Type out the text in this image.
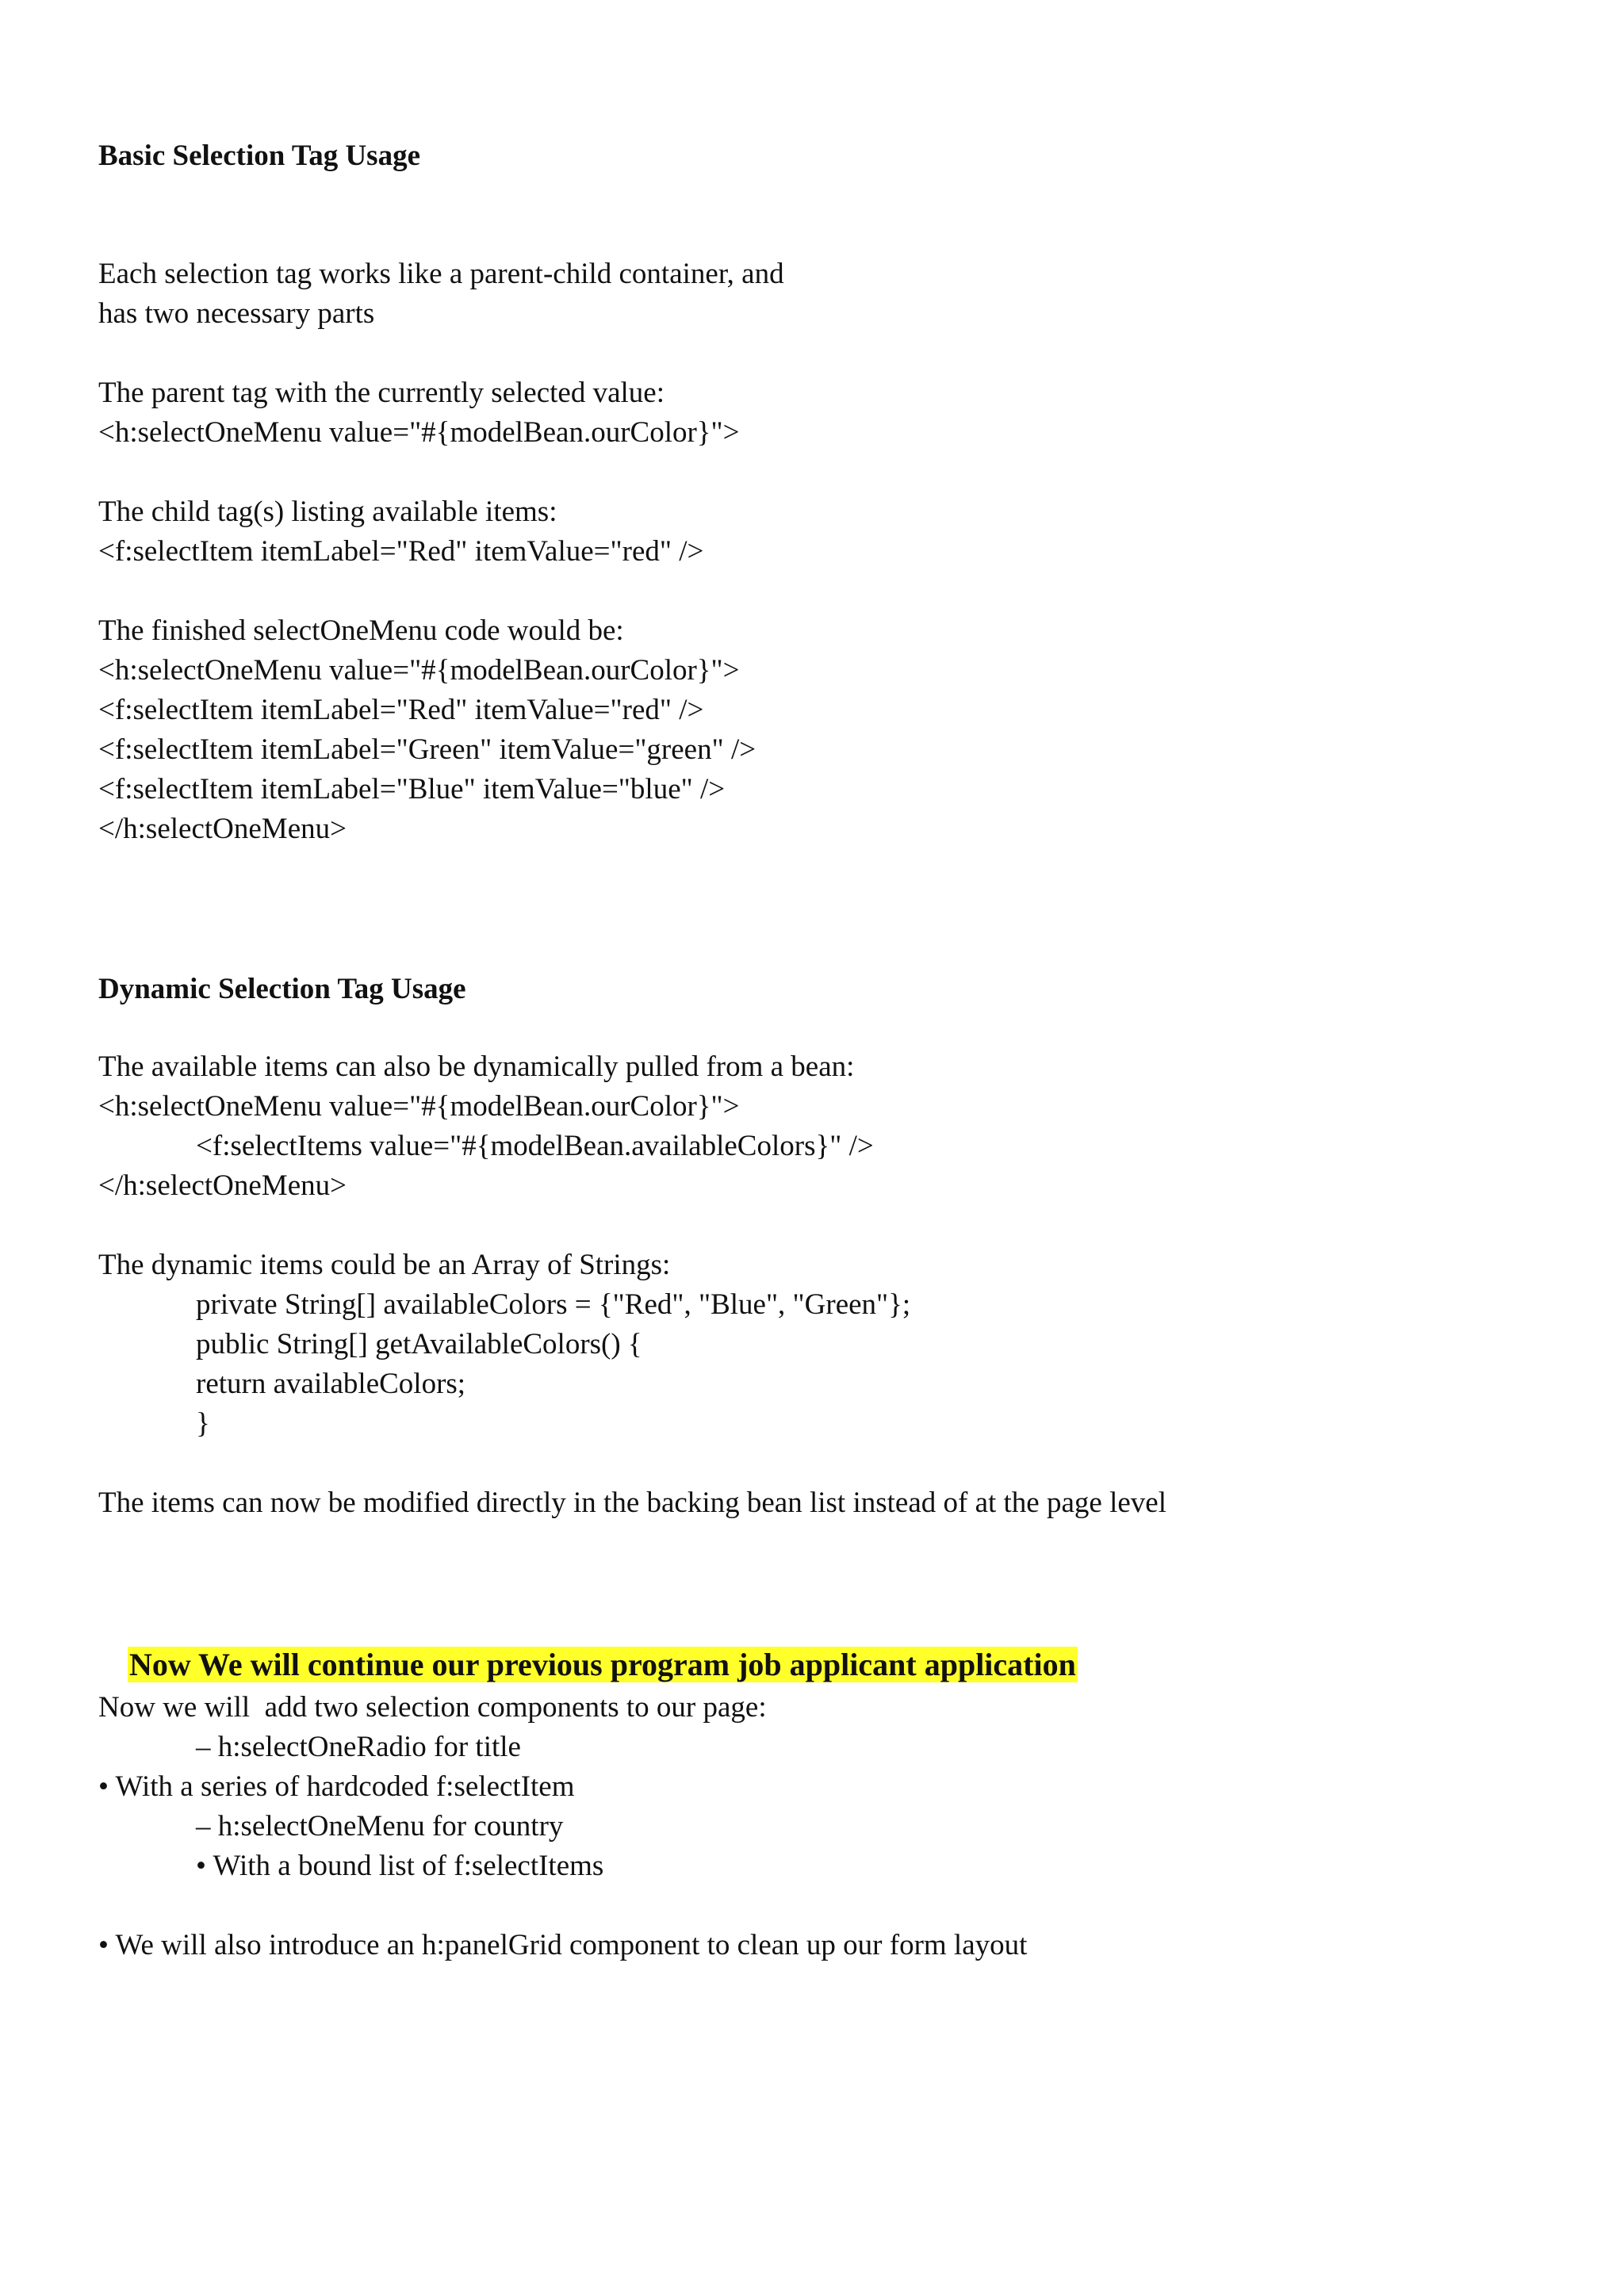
Basic Selection Tag Usage
Each selection tag works like a parent-child container, and
has two necessary parts
The parent tag with the currently selected value:
<h:selectOneMenu value="#{modelBean.ourColor}">
The child tag(s) listing available items:
<f:selectItem itemLabel="Red" itemValue="red" />
The finished selectOneMenu code would be:
<h:selectOneMenu value="#{modelBean.ourColor}">
<f:selectItem itemLabel="Red" itemValue="red" />
<f:selectItem itemLabel="Green" itemValue="green" />
<f:selectItem itemLabel="Blue" itemValue="blue" />
</h:selectOneMenu>
Dynamic Selection Tag Usage
The available items can also be dynamically pulled from a bean:
<h:selectOneMenu value="#{modelBean.ourColor}">
<f:selectItems value="#{modelBean.availableColors}" />
</h:selectOneMenu>
The dynamic items could be an Array of Strings:
private String[] availableColors = {"Red", "Blue", "Green"};
public String[] getAvailableColors() {
return availableColors;
}
The items can now be modified directly in the backing bean list instead of at the page level

Now We will continue our previous program job applicant application

Now we will  add two selection components to our page:
– h:selectOneRadio for title
• With a series of hardcoded f:selectItem
– h:selectOneMenu for country
• With a bound list of f:selectItems
• We will also introduce an h:panelGrid component to clean up our form layout
